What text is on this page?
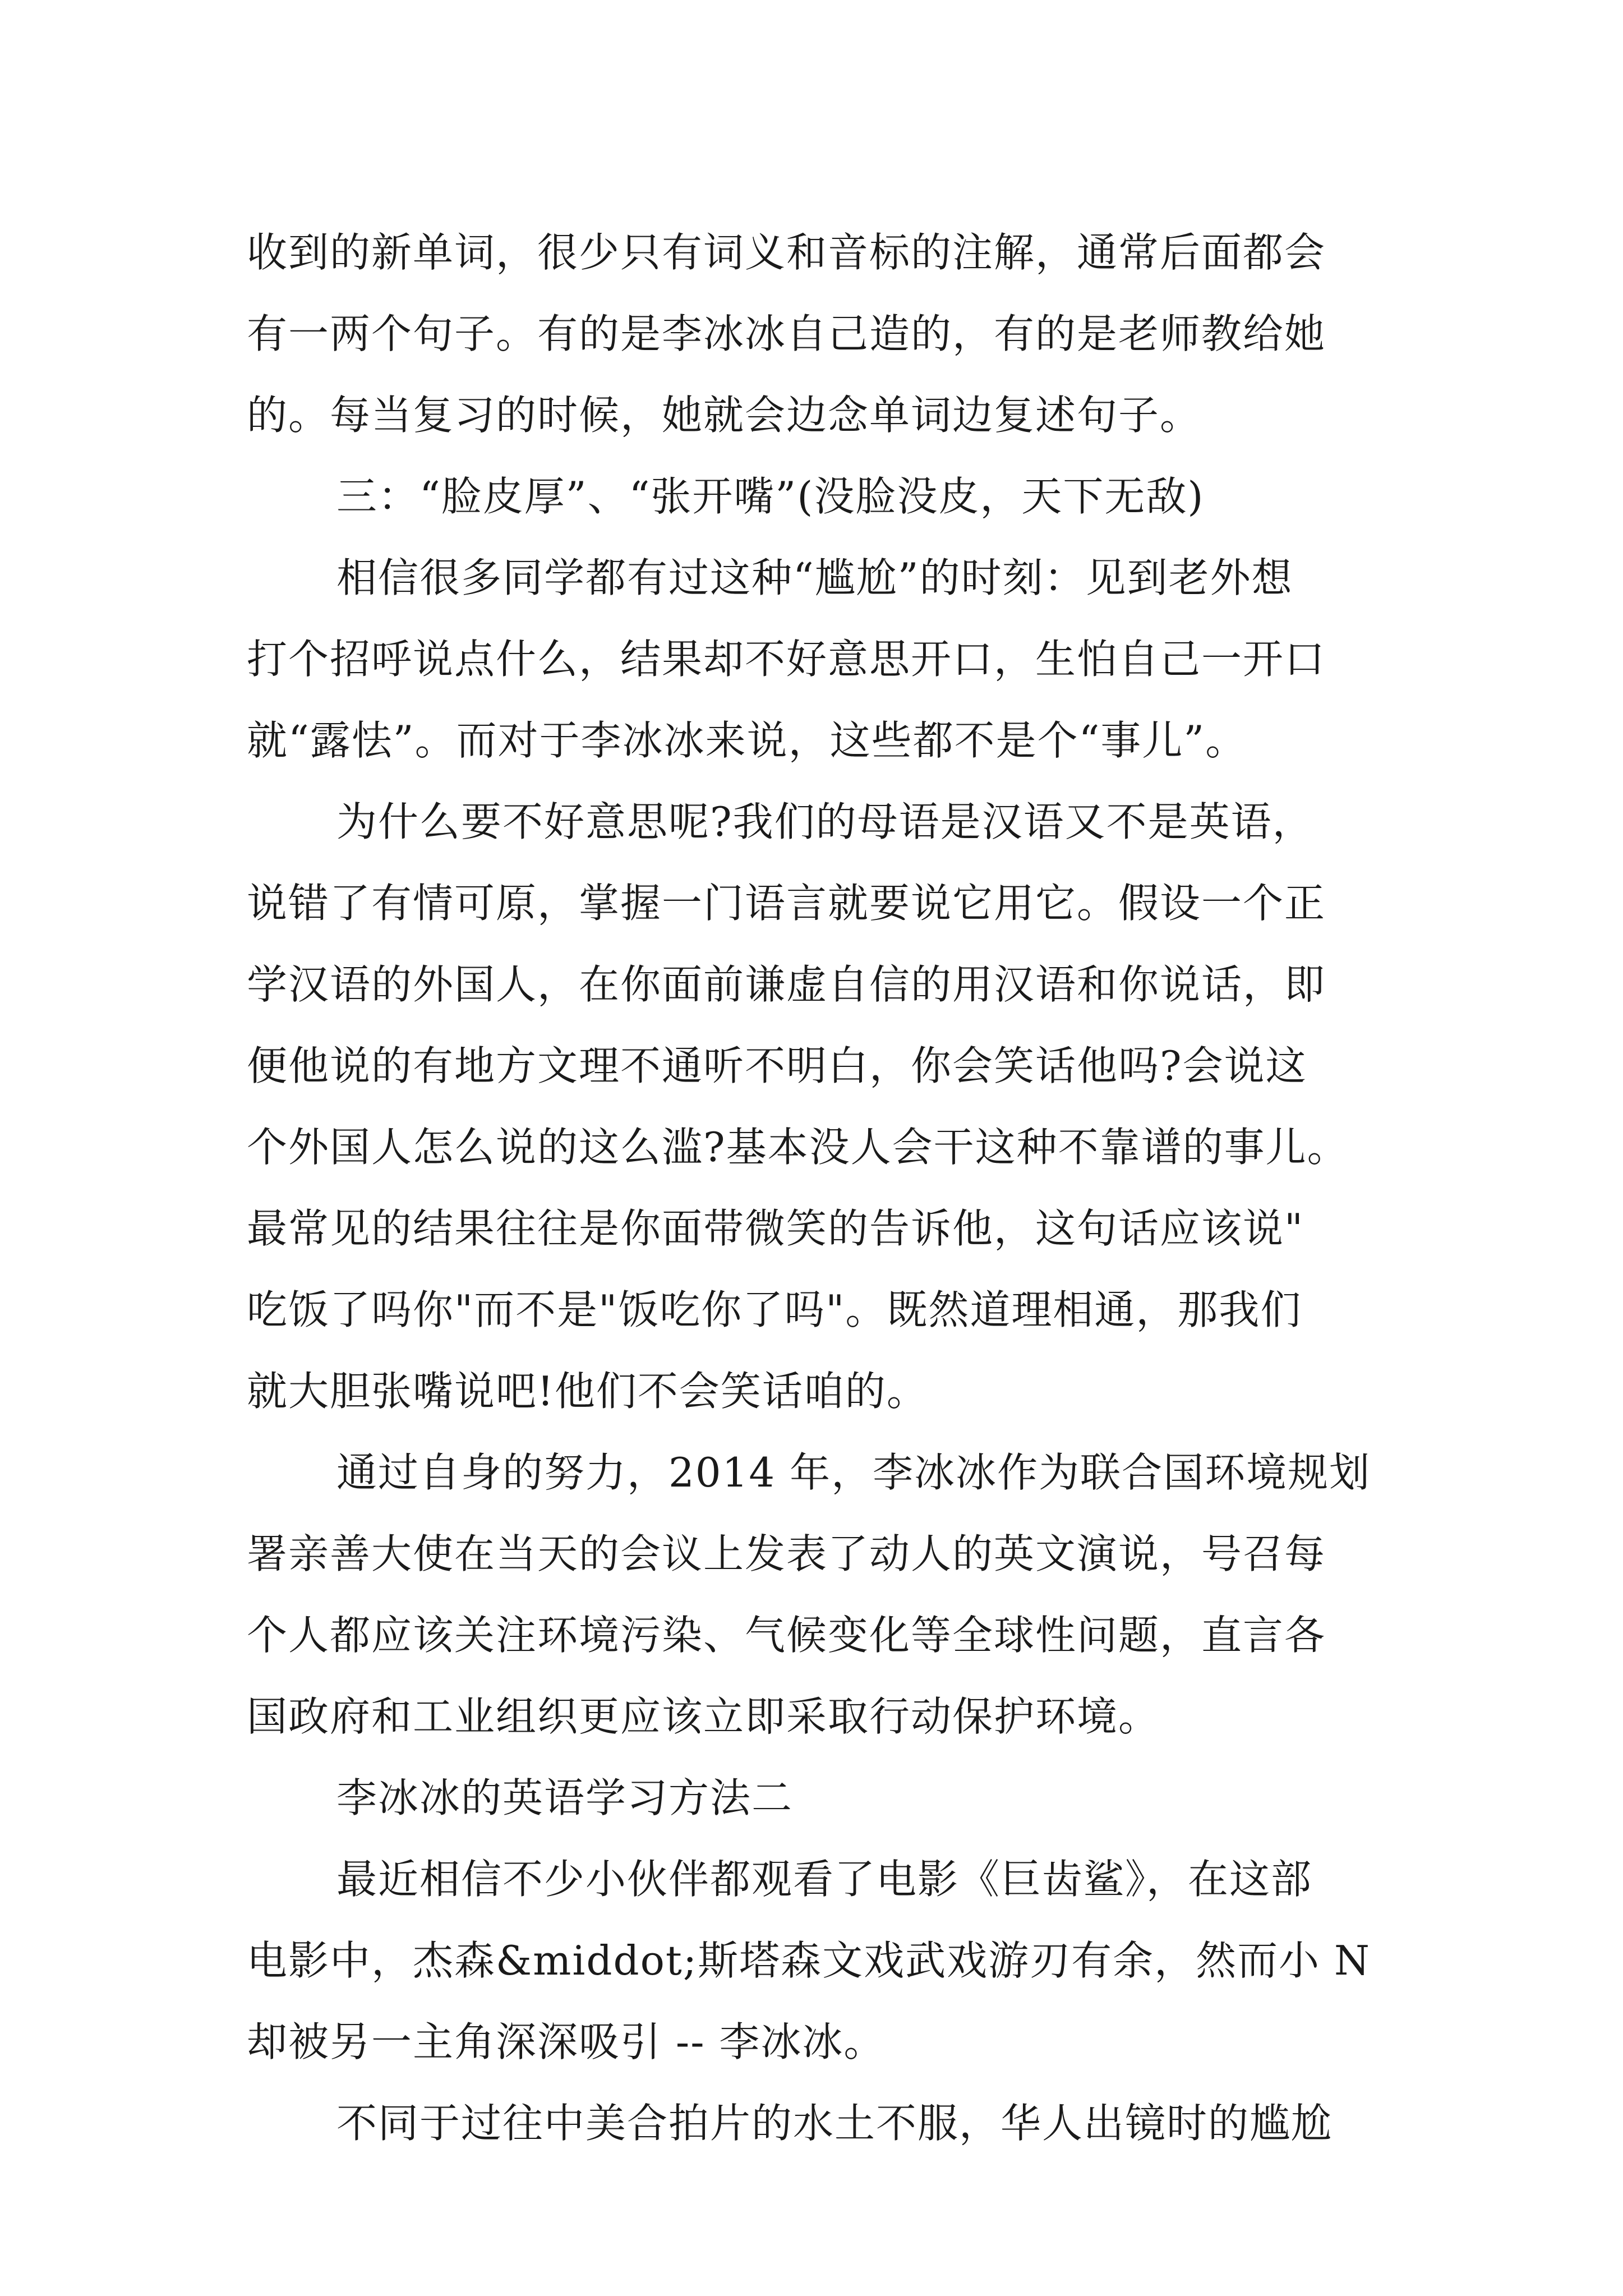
收到的新单词，很少只有词义和音标的注解，通常后面都会
有一两个句子。有的是李冰冰自己造的，有的是老师教给她
的。每当复习的时候，她就会边念单词边复述句子。
三：“脸皮厚”、“张开嘴”(没脸没皮，天下无敌)
相信很多同学都有过这种“尴尬”的时刻：见到老外想
打个招呼说点什么，结果却不好意思开口，生怕自己一开口
就“露怯”。而对于李冰冰来说，这些都不是个“事儿”。
为什么要不好意思呢?我们的母语是汉语又不是英语，
说错了有情可原，掌握一门语言就要说它用它。假设一个正
学汉语的外国人，在你面前谦虚自信的用汉语和你说话，即
便他说的有地方文理不通听不明白，你会笑话他吗?会说这
个外国人怎么说的这么滥?基本没人会干这种不靠谱的事儿。
最常见的结果往往是你面带微笑的告诉他，这句话应该说"
吃饭了吗你"而不是"饭吃你了吗"。既然道理相通，那我们
就大胆张嘴说吧!他们不会笑话咱的。
通过自身的努力，2014 年，李冰冰作为联合国环境规划
署亲善大使在当天的会议上发表了动人的英文演说，号召每
个人都应该关注环境污染、气候变化等全球性问题，直言各
国政府和工业组织更应该立即采取行动保护环境。
李冰冰的英语学习方法二
最近相信不少小伙伴都观看了电影《巨齿鲨》，在这部
电影中，杰森&middot;斯塔森文戏武戏游刃有余，然而小 N
却被另一主角深深吸引 -- 李冰冰。
不同于过往中美合拍片的水土不服，华人出镜时的尴尬
